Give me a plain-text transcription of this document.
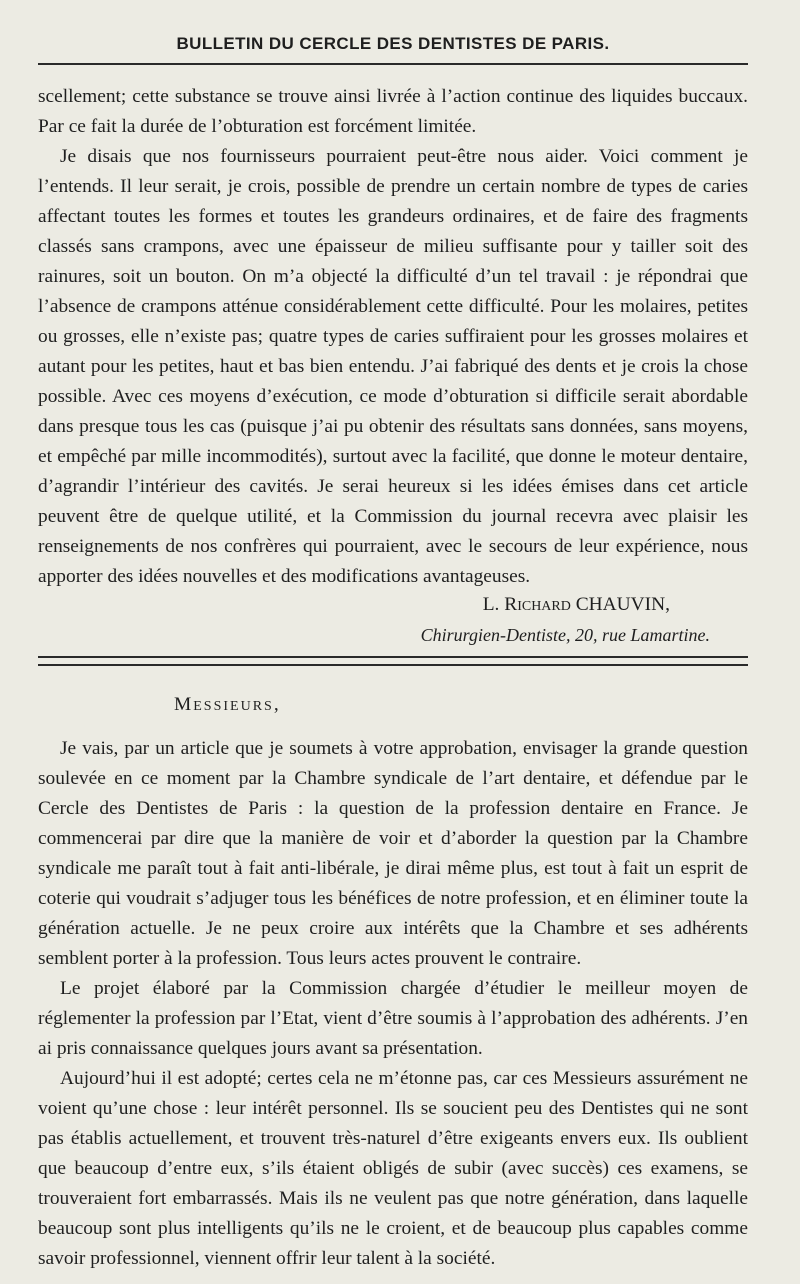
BULLETIN DU CERCLE DES DENTISTES DE PARIS.

scellement; cette substance se trouve ainsi livrée à l’action continue des liquides buccaux. Par ce fait la durée de l’obturation est forcément limitée.

Je disais que nos fournisseurs pourraient peut-être nous aider. Voici comment je l’entends. Il leur serait, je crois, possible de prendre un certain nombre de types de caries affectant toutes les formes et toutes les grandeurs ordinaires, et de faire des fragments classés sans crampons, avec une épaisseur de milieu suffisante pour y tailler soit des rainures, soit un bouton. On m’a objecté la difficulté d’un tel travail : je répondrai que l’absence de crampons atténue considérablement cette difficulté. Pour les molaires, petites ou grosses, elle n’existe pas; quatre types de caries suffiraient pour les grosses molaires et autant pour les petites, haut et bas bien entendu. J’ai fabriqué des dents et je crois la chose possible. Avec ces moyens d’exécution, ce mode d’obturation si difficile serait abordable dans presque tous les cas (puisque j’ai pu obtenir des résultats sans données, sans moyens, et empêché par mille incommodités), surtout avec la facilité, que donne le moteur dentaire, d’agrandir l’intérieur des cavités. Je serai heureux si les idées émises dans cet article peuvent être de quelque utilité, et la Commission du journal recevra avec plaisir les renseignements de nos confrères qui pourraient, avec le secours de leur expérience, nous apporter des idées nouvelles et des modifications avantageuses.

L. Richard CHAUVIN,
Chirurgien-Dentiste, 20, rue Lamartine.
Messieurs,

Je vais, par un article que je soumets à votre approbation, envisager la grande question soulevée en ce moment par la Chambre syndicale de l’art dentaire, et défendue par le Cercle des Dentistes de Paris : la question de la profession dentaire en France. Je commencerai par dire que la manière de voir et d’aborder la question par la Chambre syndicale me paraît tout à fait anti-libérale, je dirai même plus, est tout à fait un esprit de coterie qui voudrait s’adjuger tous les bénéfices de notre profession, et en éliminer toute la génération actuelle. Je ne peux croire aux intérêts que la Chambre et ses adhérents semblent porter à la profession. Tous leurs actes prouvent le contraire.

Le projet élaboré par la Commission chargée d’étudier le meilleur moyen de réglementer la profession par l’Etat, vient d’être soumis à l’approbation des adhérents. J’en ai pris connaissance quelques jours avant sa présentation.

Aujourd’hui il est adopté; certes cela ne m’étonne pas, car ces Messieurs assurément ne voient qu’une chose : leur intérêt personnel. Ils se soucient peu des Dentistes qui ne sont pas établis actuellement, et trouvent très-naturel d’être exigeants envers eux. Ils oublient que beaucoup d’entre eux, s’ils étaient obligés de subir (avec succès) ces examens, se trouveraient fort embarrassés. Mais ils ne veulent pas que notre génération, dans laquelle beaucoup sont plus intelligents qu’ils ne le croient, et de beaucoup plus capables comme savoir professionnel, viennent offrir leur talent à la société.
